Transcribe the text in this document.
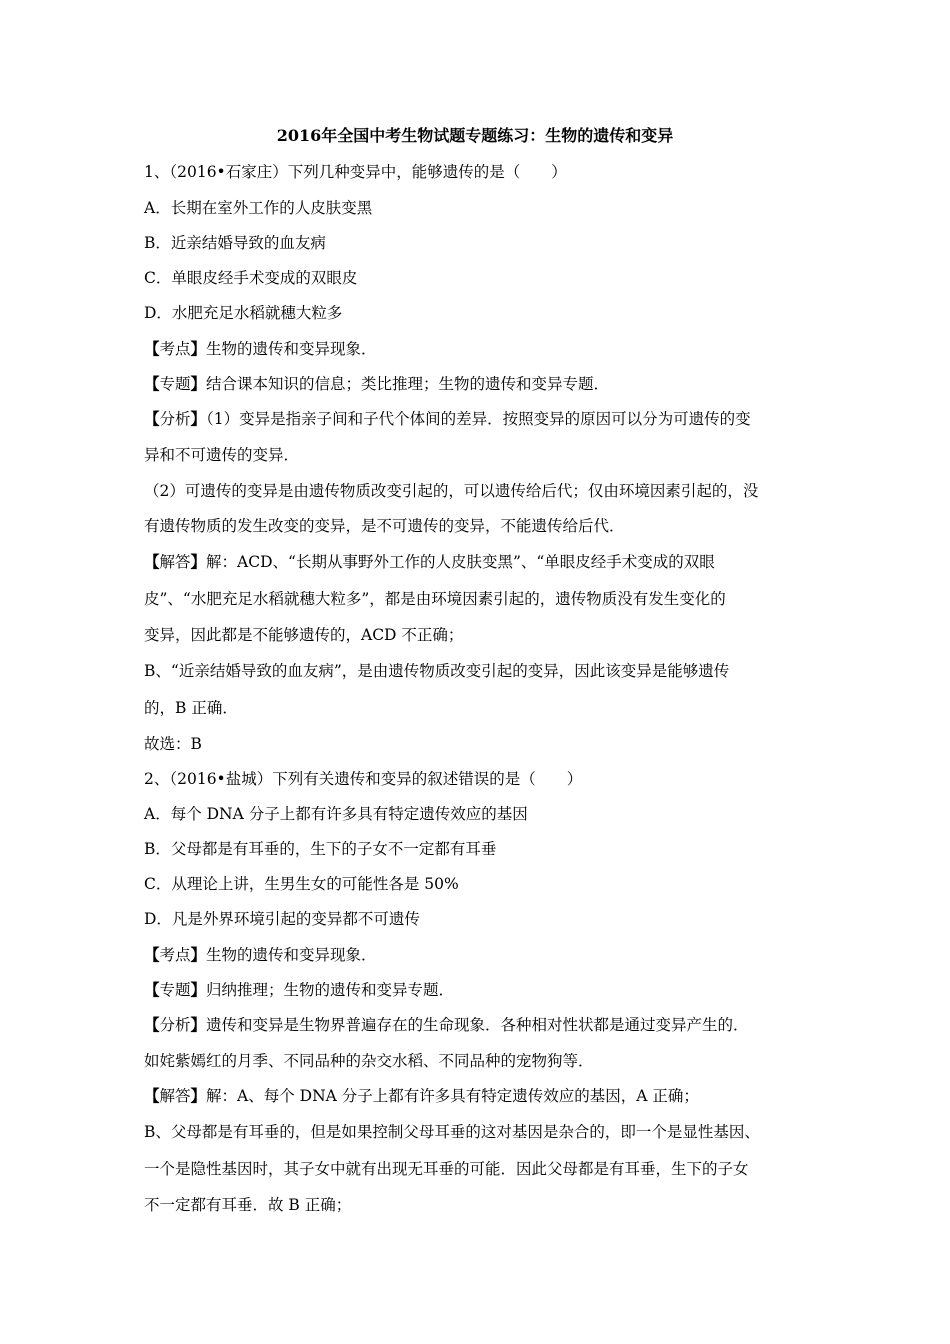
2016年全国中考生物试题专题练习：生物的遗传和变异
1、（2016•石家庄）下列几种变异中，能够遗传的是（　　）
A．长期在室外工作的人皮肤变黑
B．近亲结婚导致的血友病
C．单眼皮经手术变成的双眼皮
D．水肥充足水稻就穗大粒多
【考点】生物的遗传和变异现象．
【专题】结合课本知识的信息；类比推理；生物的遗传和变异专题．
【分析】（1）变异是指亲子间和子代个体间的差异．按照变异的原因可以分为可遗传的变
异和不可遗传的变异．
（2）可遗传的变异是由遗传物质改变引起的，可以遗传给后代；仅由环境因素引起的，没
有遗传物质的发生改变的变异，是不可遗传的变异，不能遗传给后代．
【解答】解：ACD、“长期从事野外工作的人皮肤变黑”、“单眼皮经手术变成的双眼
皮”、“水肥充足水稻就穗大粒多”，都是由环境因素引起的，遗传物质没有发生变化的
变异，因此都是不能够遗传的，ACD 不正确；
B、“近亲结婚导致的血友病”，是由遗传物质改变引起的变异，因此该变异是能够遗传
的，B 正确．
故选：B
2、（2016•盐城）下列有关遗传和变异的叙述错误的是（　　）
A．每个 DNA 分子上都有许多具有特定遗传效应的基因
B．父母都是有耳垂的，生下的子女不一定都有耳垂
C．从理论上讲，生男生女的可能性各是 50%
D．凡是外界环境引起的变异都不可遗传
【考点】生物的遗传和变异现象．
【专题】归纳推理；生物的遗传和变异专题．
【分析】遗传和变异是生物界普遍存在的生命现象．各种相对性状都是通过变异产生的．
如姹紫嫣红的月季、不同品种的杂交水稻、不同品种的宠物狗等．
【解答】解：A、每个 DNA 分子上都有许多具有特定遗传效应的基因，A 正确；
B、父母都是有耳垂的，但是如果控制父母耳垂的这对基因是杂合的，即一个是显性基因、
一个是隐性基因时，其子女中就有出现无耳垂的可能．因此父母都是有耳垂，生下的子女
不一定都有耳垂．故 B 正确；
